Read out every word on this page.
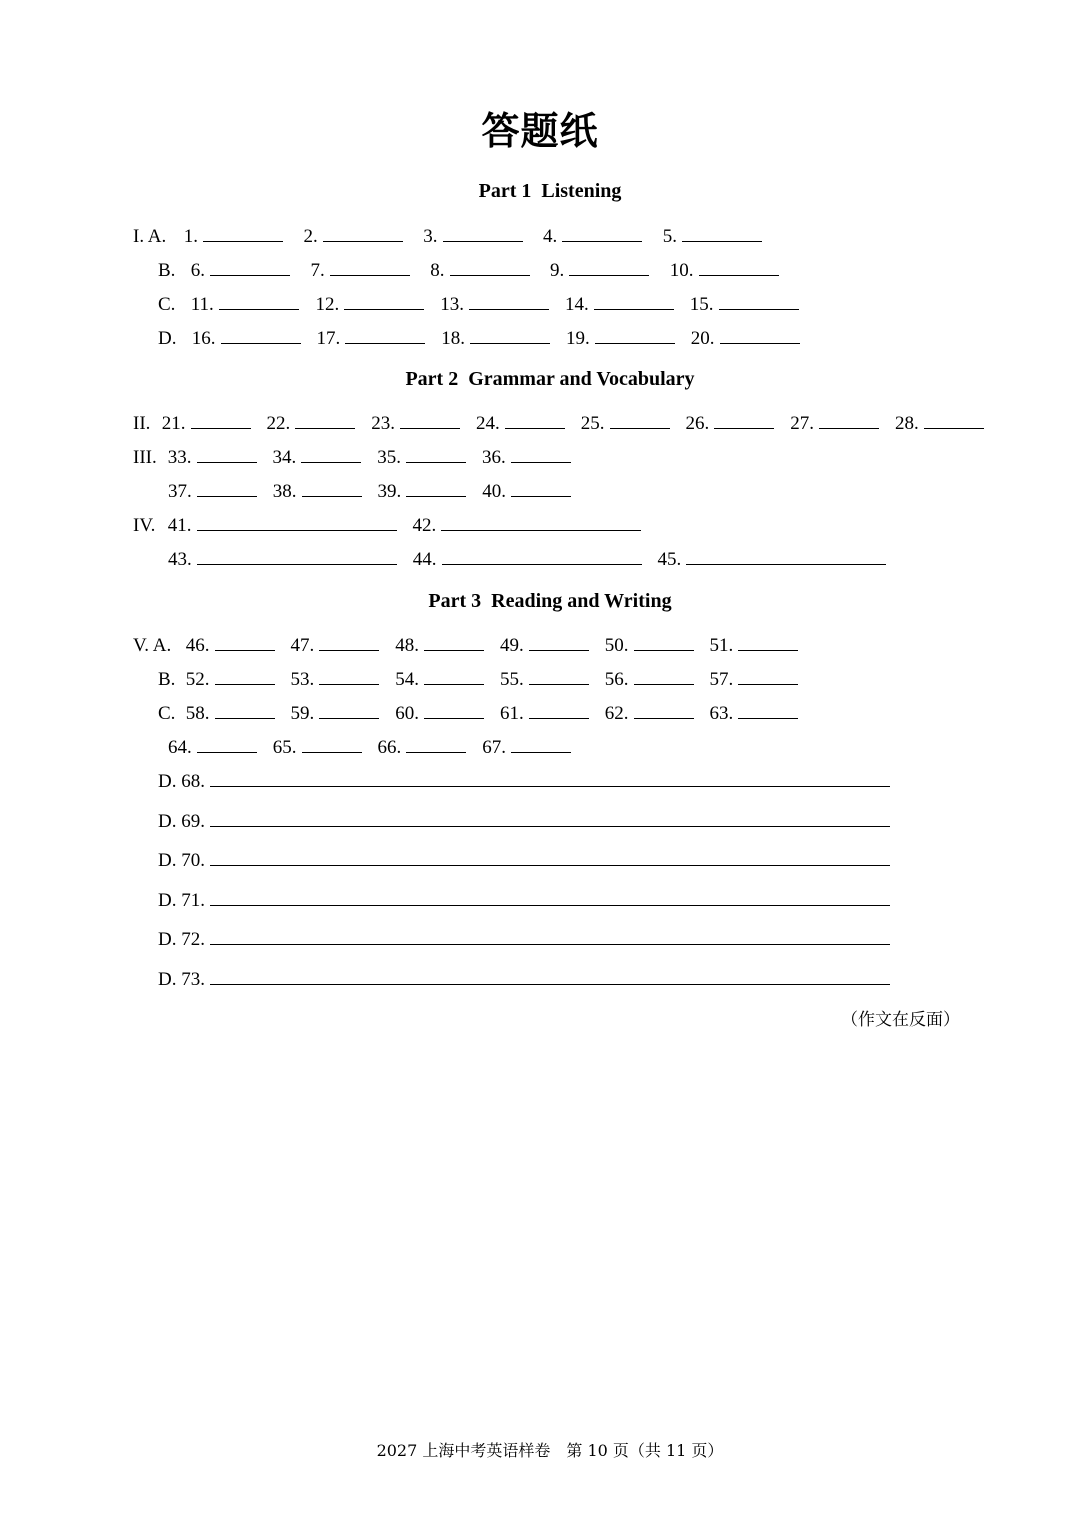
答题纸
Part 1  Listening
I. A. 1.	2.	3.	4.	5.
B. 6.	7.	8.	9.	10.
C. 11.	12.	13.	14.	15.
D. 16.	17.	18.	19.	20.
Part 2  Grammar and Vocabulary
II. 21.	22.	23.	24.	25.	26.	27.	28.
III. 33.	34.	35.	36.
37.	38.	39.	40.
IV. 41.	42.
43.	44.	45.
Part 3  Reading and Writing
V. A. 46.	47.	48.	49.	50.	51.
B. 52.	53.	54.	55.	56.	57.
C. 58.	59.	60.	61.	62.	63.
64.	65.	66.	67.
D. 68.
D. 69.
D. 70.
D. 71.
D. 72.
D. 73.
（作文在反面）
2027 上海中考英语样卷　第 10 页（共 11 页）
